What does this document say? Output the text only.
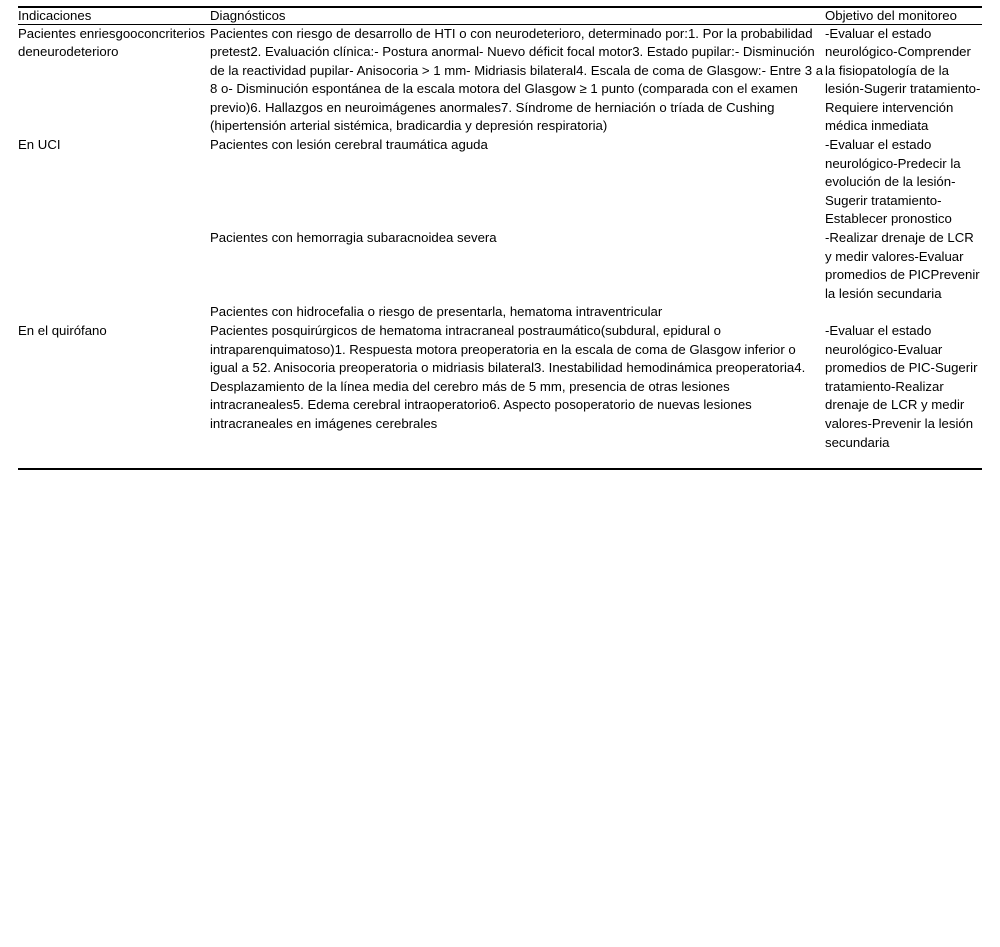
Indicaciones	Diagnósticos	Objetivo del monitoreo
Pacientes enriesgooconcriterios deneurodeterioro	Pacientes con riesgo de desarrollo de HTI o con neurodeterioro, determinado por:1. Por la probabilidad pretest2. Evaluación clínica:- Postura anormal- Nuevo déficit focal motor3. Estado pupilar:- Disminución de la reactividad pupilar- Anisocoria > 1 mm- Midriasis bilateral4. Escala de coma de Glasgow:- Entre 3 a 8 o- Disminución espontánea de la escala motora del Glasgow ≥ 1 punto (comparada con el examen previo)6. Hallazgos en neuroimágenes anormales7. Síndrome de herniación o tríada de Cushing (hipertensión arterial sistémica, bradicardia y depresión respiratoria)	-Evaluar el estado neurológico-Comprender la fisiopatología de la lesión-Sugerir tratamiento-Requiere intervención médica inmediata
En UCI	Pacientes con lesión cerebral traumática aguda	-Evaluar el estado neurológico-Predecir la evolución de la lesión-Sugerir tratamiento-Establecer pronostico
	Pacientes con hemorragia subaracnoidea severa	-Realizar drenaje de LCR y medir valores-Evaluar promedios de PICPrevenir la lesión secundaria
	Pacientes con hidrocefalia o riesgo de presentarla, hematoma intraventricular	
En el quirófano	Pacientes posquirúrgicos de hematoma intracraneal postraumático(subdural, epidural o intraparenquimatoso)1. Respuesta motora preoperatoria en la escala de coma de Glasgow inferior o igual a 52. Anisocoria preoperatoria o midriasis bilateral3. Inestabilidad hemodinámica preoperatoria4. Desplazamiento de la línea media del cerebro más de 5 mm, presencia de otras lesiones intracraneales5. Edema cerebral intraoperatorio6. Aspecto posoperatorio de nuevas lesiones intracraneales en imágenes cerebrales	-Evaluar el estado neurológico-Evaluar promedios de PIC-Sugerir tratamiento-Realizar drenaje de LCR y medir valores-Prevenir la lesión secundaria
